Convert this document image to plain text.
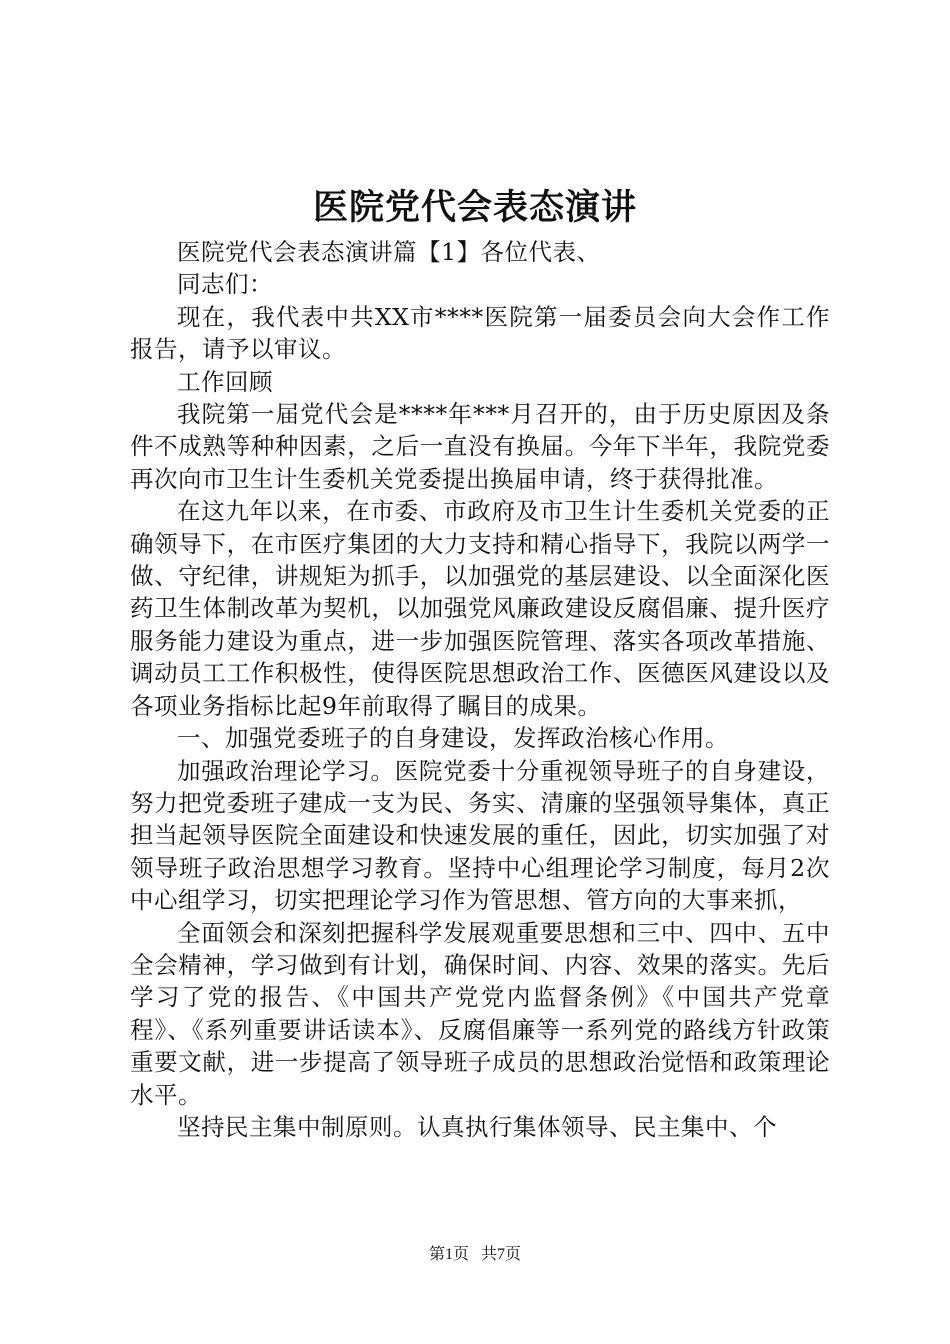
医院党代会表态演讲

医院党代会表态演讲篇【1】各位代表、

同志们：

现在，我代表中共XX市****医院第一届委员会向大会作工作报告，请予以审议。

工作回顾

我院第一届党代会是****年***月召开的，由于历史原因及条件不成熟等种种因素，之后一直没有换届。今年下半年，我院党委再次向市卫生计生委机关党委提出换届申请，终于获得批准。

在这九年以来，在市委、市政府及市卫生计生委机关党委的正确领导下，在市医疗集团的大力支持和精心指导下，我院以两学一做、守纪律，讲规矩为抓手，以加强党的基层建设、以全面深化医药卫生体制改革为契机，以加强党风廉政建设反腐倡廉、提升医疗服务能力建设为重点，进一步加强医院管理、落实各项改革措施、调动员工工作积极性，使得医院思想政治工作、医德医风建设以及各项业务指标比起9年前取得了瞩目的成果。

一、加强党委班子的自身建设，发挥政治核心作用。

加强政治理论学习。医院党委十分重视领导班子的自身建设，努力把党委班子建成一支为民、务实、清廉的坚强领导集体，真正担当起领导医院全面建设和快速发展的重任，因此，切实加强了对领导班子政治思想学习教育。坚持中心组理论学习制度，每月2次中心组学习，切实把理论学习作为管思想、管方向的大事来抓，

全面领会和深刻把握科学发展观重要思想和三中、四中、五中全会精神，学习做到有计划，确保时间、内容、效果的落实。先后学习了党的报告、《中国共产党党内监督条例》《中国共产党章程》、《系列重要讲话读本》、反腐倡廉等一系列党的路线方针政策重要文献，进一步提高了领导班子成员的思想政治觉悟和政策理论水平。

坚持民主集中制原则。认真执行集体领导、民主集中、个

第1页 共7页
